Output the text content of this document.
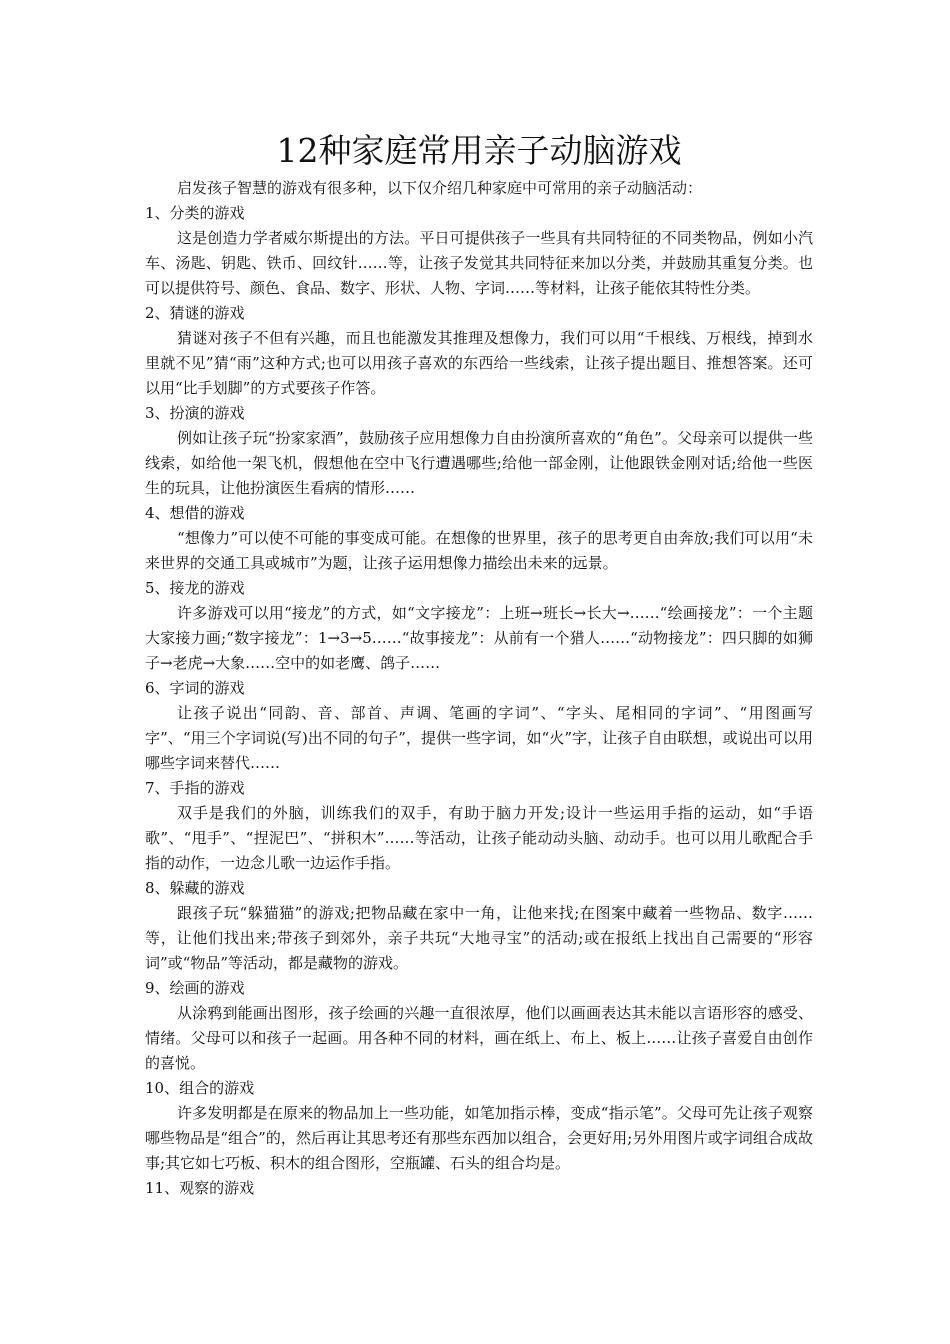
12种家庭常用亲子动脑游戏

启发孩子智慧的游戏有很多种，以下仅介绍几种家庭中可常用的亲子动脑活动：

1、分类的游戏

这是创造力学者威尔斯提出的方法。平日可提供孩子一些具有共同特征的不同类物品，例如小汽车、汤匙、钥匙、铁币、回纹针……等，让孩子发觉其共同特征来加以分类，并鼓励其重复分类。也可以提供符号、颜色、食品、数字、形状、人物、字词……等材料，让孩子能依其特性分类。

2、猜谜的游戏

猜谜对孩子不但有兴趣，而且也能激发其推理及想像力，我们可以用“千根线、万根线，掉到水里就不见”猜“雨”这种方式;也可以用孩子喜欢的东西给一些线索，让孩子提出题目、推想答案。还可以用“比手划脚”的方式要孩子作答。

3、扮演的游戏

例如让孩子玩“扮家家酒”，鼓励孩子应用想像力自由扮演所喜欢的“角色”。父母亲可以提供一些线索，如给他一架飞机，假想他在空中飞行遭遇哪些;给他一部金刚，让他跟铁金刚对话;给他一些医生的玩具，让他扮演医生看病的情形……

4、想借的游戏

“想像力”可以使不可能的事变成可能。在想像的世界里，孩子的思考更自由奔放;我们可以用“未来世界的交通工具或城市”为题，让孩子运用想像力描绘出未来的远景。

5、接龙的游戏

许多游戏可以用“接龙”的方式，如“文字接龙”：上班→班长→长大→……“绘画接龙”：一个主题大家接力画;“数字接龙”：1→3→5……“故事接龙”：从前有一个猎人……“动物接龙”：四只脚的如狮子→老虎→大象……空中的如老鹰、鸽子……

6、字词的游戏

让孩子说出“同韵、音、部首、声调、笔画的字词”、“字头、尾相同的字词”、“用图画写字”、“用三个字词说(写)出不同的句子”，提供一些字词，如“火”字，让孩子自由联想，或说出可以用哪些字词来替代……

7、手指的游戏

双手是我们的外脑，训练我们的双手，有助于脑力开发;设计一些运用手指的运动，如“手语歌”、“甩手”、“捏泥巴”、“拼积木”……等活动，让孩子能动动头脑、动动手。也可以用儿歌配合手指的动作，一边念儿歌一边运作手指。

8、躲藏的游戏

跟孩子玩“躲猫猫”的游戏;把物品藏在家中一角，让他来找;在图案中藏着一些物品、数字……等，让他们找出来;带孩子到郊外，亲子共玩“大地寻宝”的活动;或在报纸上找出自己需要的“形容词”或“物品”等活动，都是藏物的游戏。

9、绘画的游戏

从涂鸦到能画出图形，孩子绘画的兴趣一直很浓厚，他们以画画表达其未能以言语形容的感受、情绪。父母可以和孩子一起画。用各种不同的材料，画在纸上、布上、板上……让孩子喜爱自由创作的喜悦。

10、组合的游戏

许多发明都是在原来的物品加上一些功能，如笔加指示棒，变成“指示笔”。父母可先让孩子观察哪些物品是“组合”的，然后再让其思考还有那些东西加以组合，会更好用;另外用图片或字词组合成故事;其它如七巧板、积木的组合图形，空瓶罐、石头的组合均是。

11、观察的游戏
